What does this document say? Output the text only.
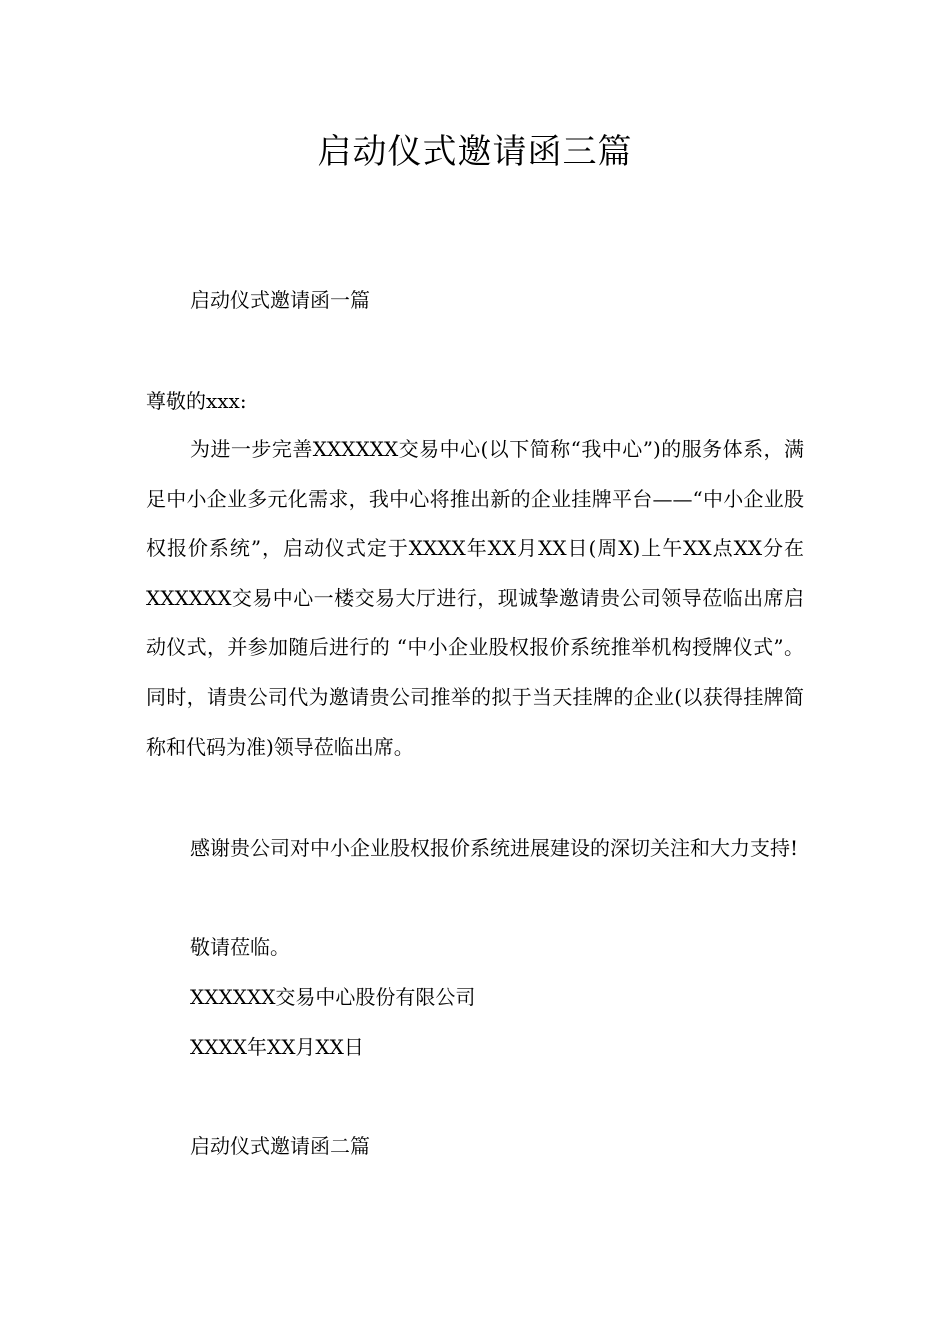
启动仪式邀请函三篇
启动仪式邀请函一篇

尊敬的xxx:

为进一步完善XXXXXX交易中心(以下简称“我中心”)的服务体系，满足中小企业多元化需求，我中心将推出新的企业挂牌平台——“中小企业股权报价系统”，启动仪式定于XXXX年XX月XX日(周X)上午XX点XX分在XXXXXX交易中心一楼交易大厅进行，现诚挚邀请贵公司领导莅临出席启动仪式，并参加随后进行的 “中小企业股权报价系统推举机构授牌仪式”。同时，请贵公司代为邀请贵公司推举的拟于当天挂牌的企业(以获得挂牌简称和代码为准)领导莅临出席。

感谢贵公司对中小企业股权报价系统进展建设的深切关注和大力支持!

敬请莅临。

XXXXXX交易中心股份有限公司

XXXX年XX月XX日

启动仪式邀请函二篇
